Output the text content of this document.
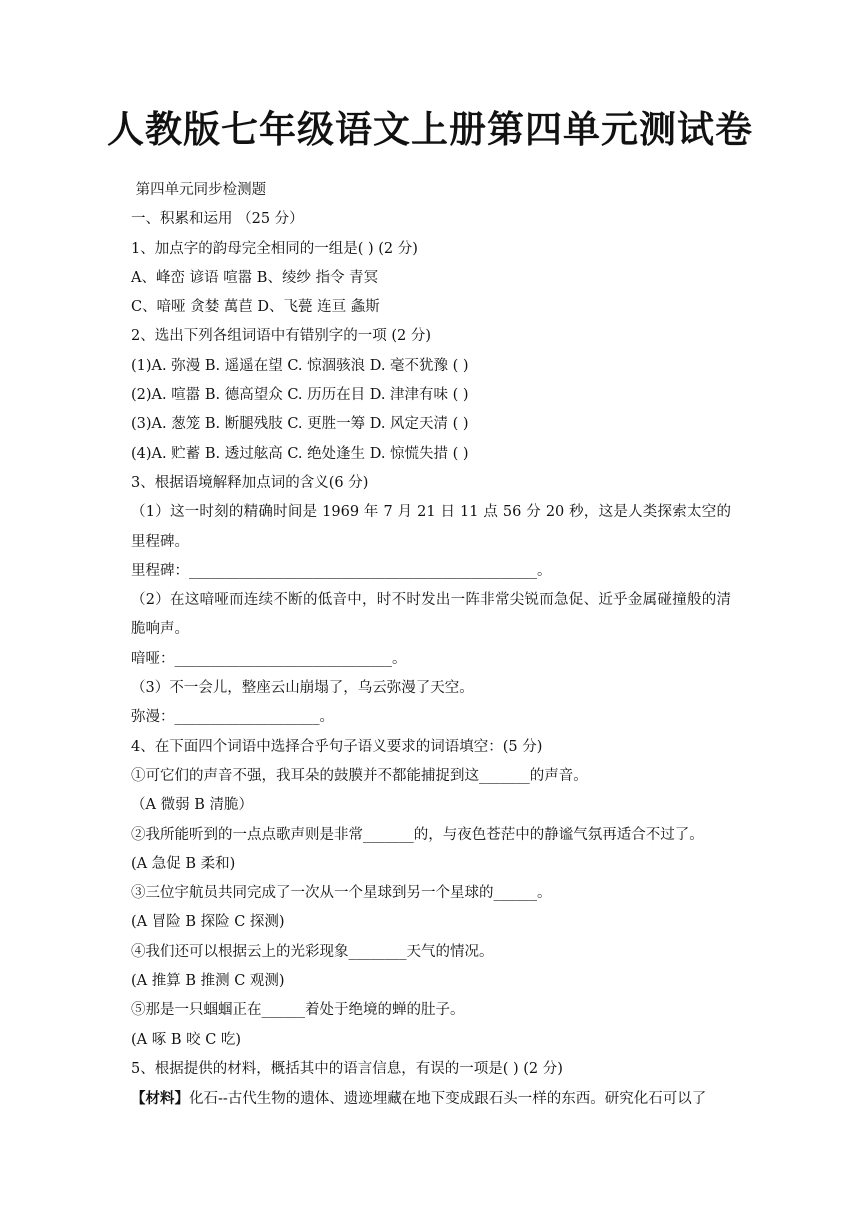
人教版七年级语文上册第四单元测试卷
第四单元同步检测题
一、积累和运用 （25 分）
1、加点字的韵母完全相同的一组是( ) (2 分)
A、峰峦 谚语 喧嚣 B、绫纱 指令 青冥
C、喑哑 贪婪 萬苣 D、飞甍 连亘 螽斯
2、选出下列各组词语中有错别字的一项 (2 分)
(1)A. 弥漫 B. 遥遥在望 C. 惊涸骇浪 D. 毫不犹豫 ( )
(2)A. 喧嚣 B. 德高望众 C. 历历在目 D. 津津有味 ( )
(3)A. 葱笼 B. 断腿残肢 C. 更胜一筹 D. 风定天清 ( )
(4)A. 贮蓄 B. 透过舷高 C. 绝处逢生 D. 惊慌失措 ( )
3、根据语境解释加点词的含义(6 分)
（1）这一时刻的精确时间是 1969 年 7 月 21 日 11 点 56 分 20 秒，这是人类探索太空的里程碑。
里程碑：________________________________________________。
（2）在这喑哑而连续不断的低音中，时不时发出一阵非常尖锐而急促、近乎金属碰撞般的清脆响声。
喑哑：______________________________。
（3）不一会儿，整座云山崩塌了，乌云弥漫了天空。
弥漫：____________________。
4、在下面四个词语中选择合乎句子语义要求的词语填空：(5 分)
①可它们的声音不强，我耳朵的鼓膜并不都能捕捉到这_______的声音。
（A 微弱 B 清脆）
②我所能听到的一点点歌声则是非常_______的，与夜色苍茫中的静谧气氛再适合不过了。
(A 急促 B 柔和)
③三位宇航员共同完成了一次从一个星球到另一个星球的______。
(A 冒险 B 探险 C 探测)
④我们还可以根据云上的光彩现象________天气的情况。
(A 推算 B 推测 C 观测)
⑤那是一只蝈蝈正在______着处于绝境的蝉的肚子。
(A 啄 B 咬 C 吃)
5、根据提供的材料，概括其中的语言信息，有误的一项是( ) (2 分)
【材料】化石--古代生物的遗体、遗迹埋藏在地下变成跟石头一样的东西。研究化石可以了
